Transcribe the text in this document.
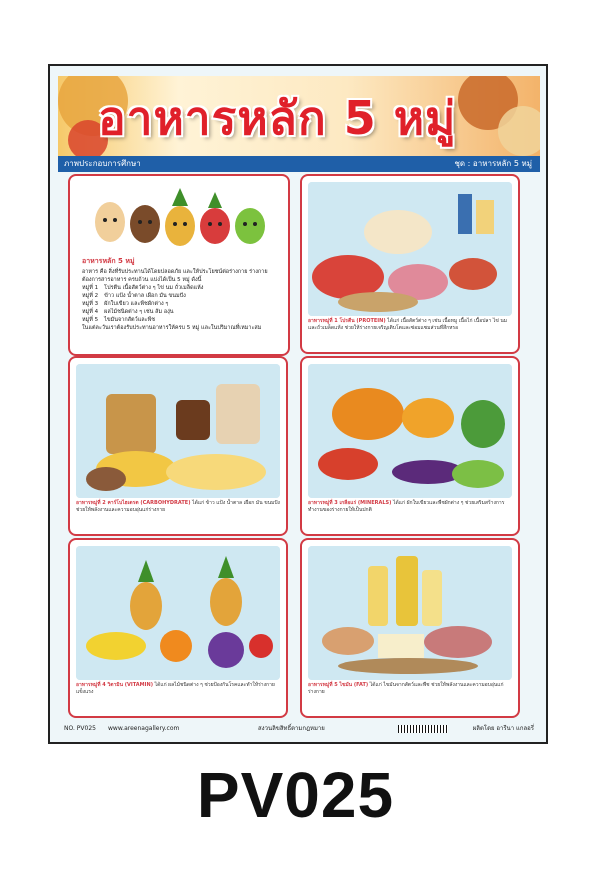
อาหารหลัก 5 หมู่
ภาพประกอบการศึกษา	ชุด : อาหารหลัก 5 หมู่
อาหารหลัก 5 หมู่
อาหาร คือ สิ่งที่รับประทานได้โดยปลอดภัย และให้ประโยชน์ต่อร่างกาย ร่างกายต้องการสารอาหาร ครบถ้วน แบ่งได้เป็น 5 หมู่ ดังนี้
หมู่ที่ 1 โปรตีน เนื้อสัตว์ต่าง ๆ ไข่ นม ถั่วเมล็ดแห้ง
หมู่ที่ 2 ข้าว แป้ง น้ำตาล เผือก มัน ขนมปัง
หมู่ที่ 3 ผักใบเขียว และพืชผักต่าง ๆ
หมู่ที่ 4 ผลไม้ชนิดต่าง ๆ เช่น ส้ม องุ่น
หมู่ที่ 5 ไขมันจากสัตว์และพืช
ในแต่ละวันเราต้องรับประทานอาหารให้ครบ 5 หมู่ และในปริมาณที่เหมาะสม
อาหารหมู่ที่ 1 โปรตีน (PROTEIN) ได้แก่ เนื้อสัตว์ต่าง ๆ เช่น เนื้อหมู เนื้อไก่ เนื้อปลา ไข่ นม และถั่วเมล็ดแห้ง ช่วยให้ร่างกายเจริญเติบโตและซ่อมแซมส่วนที่สึกหรอ
อาหารหมู่ที่ 2 คาร์โบไฮเดรต (CARBOHYDRATE) ได้แก่ ข้าว แป้ง น้ำตาล เผือก มัน ขนมปัง ช่วยให้พลังงานและความอบอุ่นแก่ร่างกาย
อาหารหมู่ที่ 3 เกลือแร่ (MINERALS) ได้แก่ ผักใบเขียวและพืชผักต่าง ๆ ช่วยเสริมสร้างการทำงานของร่างกายให้เป็นปกติ
อาหารหมู่ที่ 4 วิตามิน (VITAMIN) ได้แก่ ผลไม้ชนิดต่าง ๆ ช่วยป้องกันโรคและทำให้ร่างกายแข็งแรง
อาหารหมู่ที่ 5 ไขมัน (FAT) ได้แก่ ไขมันจากสัตว์และพืช ช่วยให้พลังงานและความอบอุ่นแก่ร่างกาย
NO. PV025 www.areenagallery.com	สงวนลิขสิทธิ์ตามกฎหมาย	ผลิตโดย อารีนา แกลอรี่
PV025
